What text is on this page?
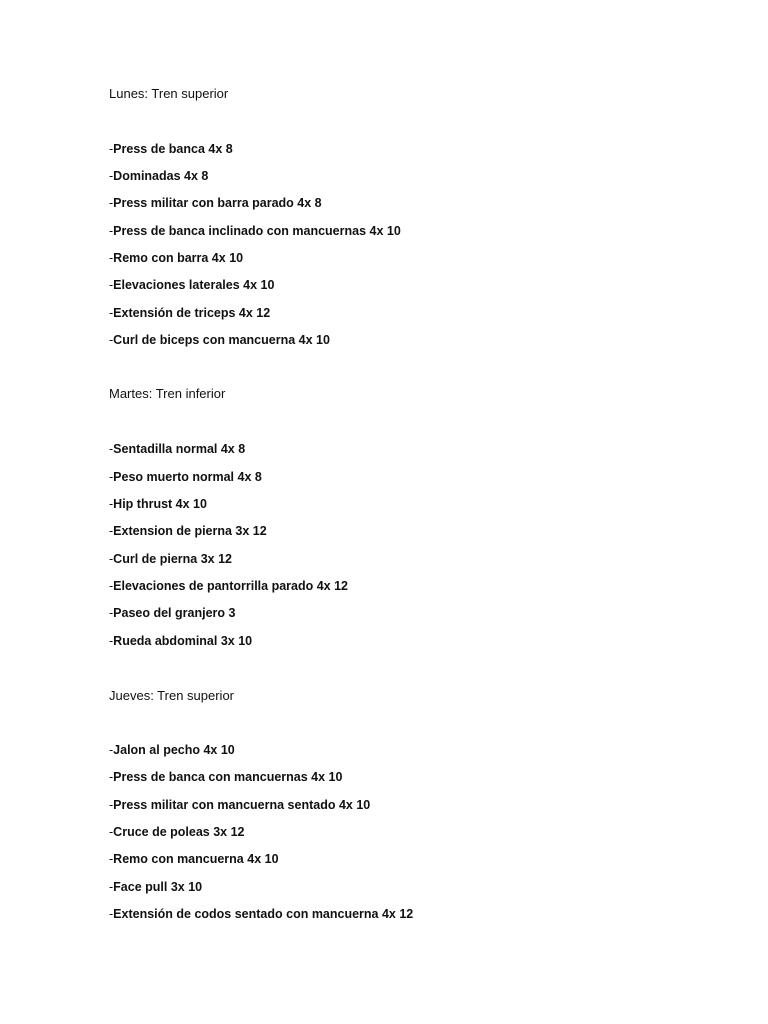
Lunes: Tren superior
-Press de banca 4x 8
-Dominadas 4x 8
-Press militar con barra parado 4x 8
-Press de banca inclinado con mancuernas 4x 10
-Remo con barra 4x 10
-Elevaciones laterales 4x 10
-Extensión de triceps 4x 12
-Curl de biceps con mancuerna 4x 10
Martes: Tren inferior
-Sentadilla normal 4x 8
-Peso muerto normal 4x 8
-Hip thrust 4x 10
-Extension de pierna 3x 12
-Curl de pierna 3x 12
-Elevaciones de pantorrilla parado 4x 12
-Paseo del granjero 3
-Rueda abdominal 3x 10
Jueves: Tren superior
-Jalon al pecho 4x 10
-Press de banca con mancuernas 4x 10
-Press militar con mancuerna sentado 4x 10
-Cruce de poleas 3x 12
-Remo con mancuerna 4x 10
-Face pull 3x 10
-Extensión de codos sentado con mancuerna 4x 12
